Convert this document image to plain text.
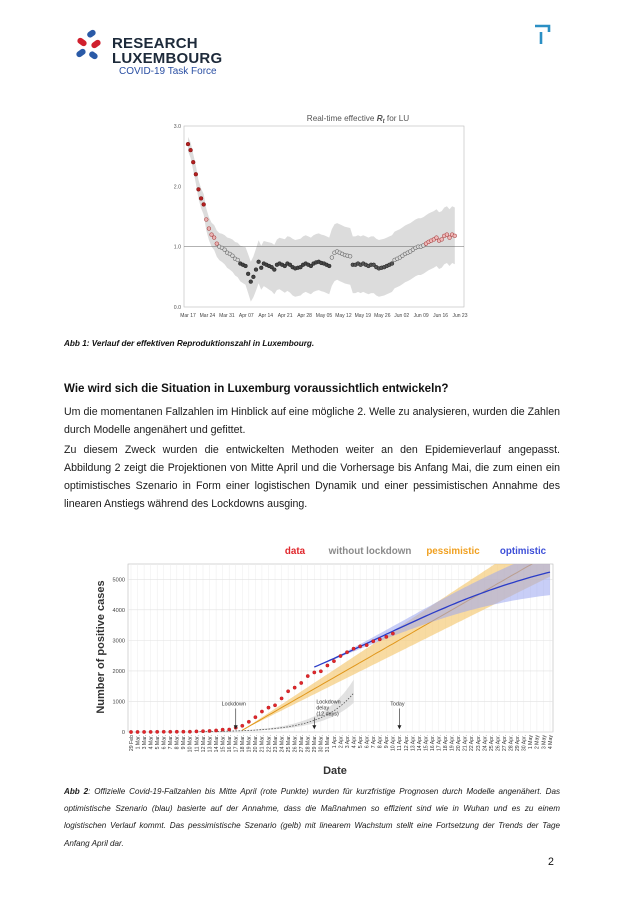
RESEARCH
LUXEMBOURG
COVID-19 Task Force
Real-time effective $R_t$ for LU
0.0
1.0
2.0
3.0
Mar 17 Mar 24 Mar 31 Apr 07 Apr 14 Apr 21 Apr 28 May 05 May 12 May 19 May 26 Jun 02 Jun 09 Jun 16 Jun 23
Abb 1: Verlauf der effektiven Reproduktionszahl in Luxembourg.
Wie wird sich die Situation in Luxemburg voraussichtlich entwickeln?
Um die momentanen Fallzahlen im Hinblick auf eine mögliche 2. Welle zu analysieren, wurden die Zahlen durch Modelle angenähert und gefittet.
Zu diesem Zweck wurden die entwickelten Methoden weiter an den Epidemieverlauf angepasst. Abbildung 2 zeigt die Projektionen von Mitte April und die Vorhersage bis Anfang Mai, die zum einen ein optimistisches Szenario in Form einer logistischen Dynamik und einer pessimistischen Annahme des linearen Anstiegs während des Lockdowns ausging.
data without lockdown pessimistic optimistic
0
1000
2000
3000
4000
5000
Lockdown	Lockdown
delay
(12 days)
Today
29 Feb 1 Mar. 3 Mar. 4 Mar. 5 Mar. 6 Mar. 7 Mar. 8 Mar. 9 Mar. 10 Mar. 11 Mar. 12 Mar. 13 Mar. 14 Mar. 15 Mar. 16 Mar. 17 Mar. 18 Mar. 19 Mar. 20 Mar. 21 Mar. 22 Mar. 23 Mar. 24 Mar. 25 Mar. 26 Mar. 27 Mar. 28 Mar. 29 Mar. 30 Mar. 31 Mar. 1 Apr. 2 Apr. 3 Apr. 4 Apr. 5 Apr. 6 Apr. 7 Apr. 8 Apr. 9 Apr. 10 Apr. 11 Apr. 12 Apr. 13 Apr. 14 Apr. 15 Apr. 16 Apr. 17 Apr. 18 Apr. 19 Apr. 20 Apr. 21 Apr. 22 Apr. 23 Apr. 24 Apr. 25 Apr. 26 Apr. 27 Apr. 28 Apr. 29 Apr. 30 Apr. 1 May 2 May 3 May 4 May
Number of positive cases
Date
Abb 2: Offizielle Covid-19-Fallzahlen bis Mitte April (rote Punkte) wurden für kurzfristige Prognosen durch Modelle angenähert. Das optimistische Szenario (blau) basierte auf der Annahme, dass die Maßnahmen so effizient sind wie in Wuhan und es zu einem logistischen Verlauf kommt. Das pessimistische Szenario (gelb) mit linearem Wachstum stellt eine Fortsetzung der Trends der Tage Anfang April dar.
2
